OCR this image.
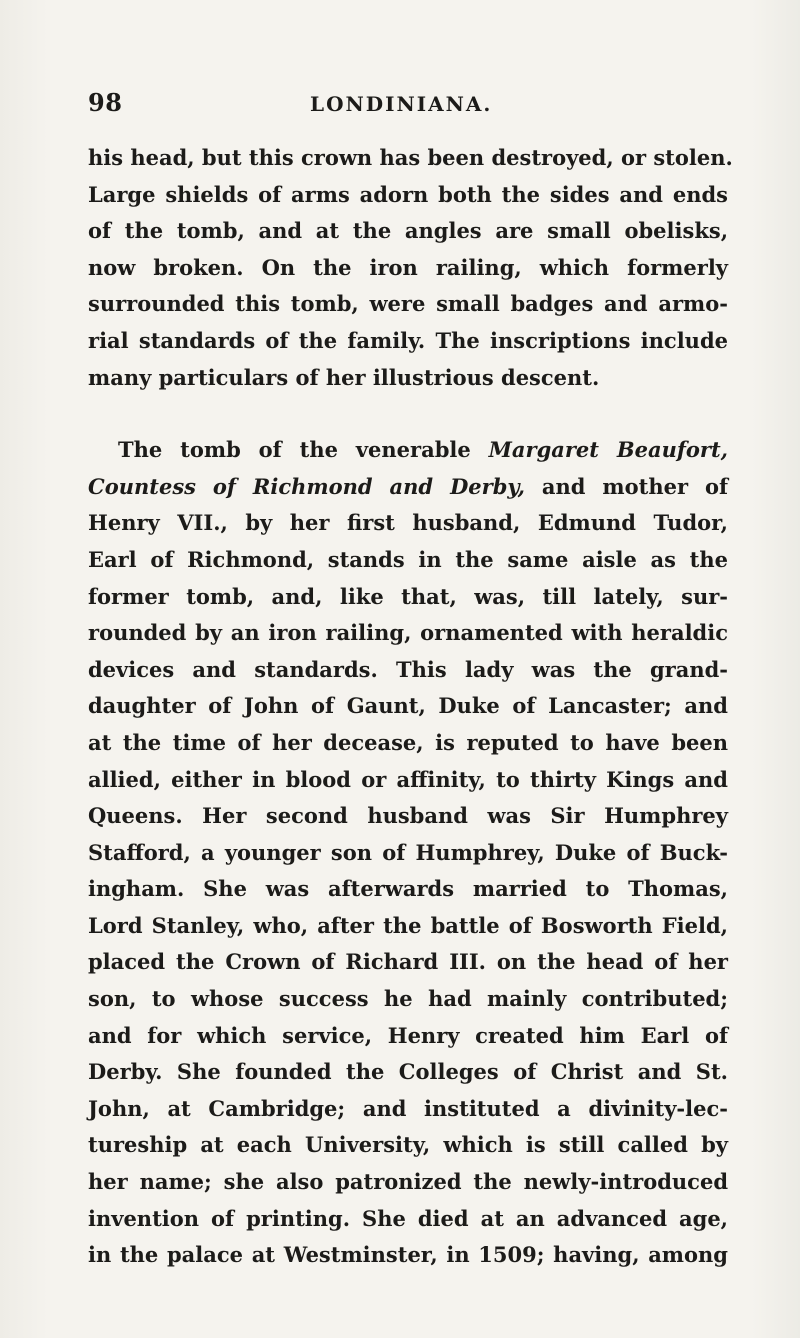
98	LONDINIANA.
his head, but this crown has been destroyed, or stolen.
Large shields of arms adorn both the sides and ends
of the tomb, and at the angles are small obelisks,
now broken. On the iron railing, which formerly
surrounded this tomb, were small badges and armo-
rial standards of the family. The inscriptions include
many particulars of her illustrious descent.
The tomb of the venerable Margaret Beaufort,
Countess of Richmond and Derby, and mother of
Henry VII., by her first husband, Edmund Tudor,
Earl of Richmond, stands in the same aisle as the
former tomb, and, like that, was, till lately, sur-
rounded by an iron railing, ornamented with heraldic
devices and standards. This lady was the grand-
daughter of John of Gaunt, Duke of Lancaster; and
at the time of her decease, is reputed to have been
allied, either in blood or affinity, to thirty Kings and
Queens. Her second husband was Sir Humphrey
Stafford, a younger son of Humphrey, Duke of Buck-
ingham. She was afterwards married to Thomas,
Lord Stanley, who, after the battle of Bosworth Field,
placed the Crown of Richard III. on the head of her
son, to whose success he had mainly contributed;
and for which service, Henry created him Earl of
Derby. She founded the Colleges of Christ and St.
John, at Cambridge; and instituted a divinity-lec-
tureship at each University, which is still called by
her name; she also patronized the newly-introduced
invention of printing. She died at an advanced age,
in the palace at Westminster, in 1509; having, among
